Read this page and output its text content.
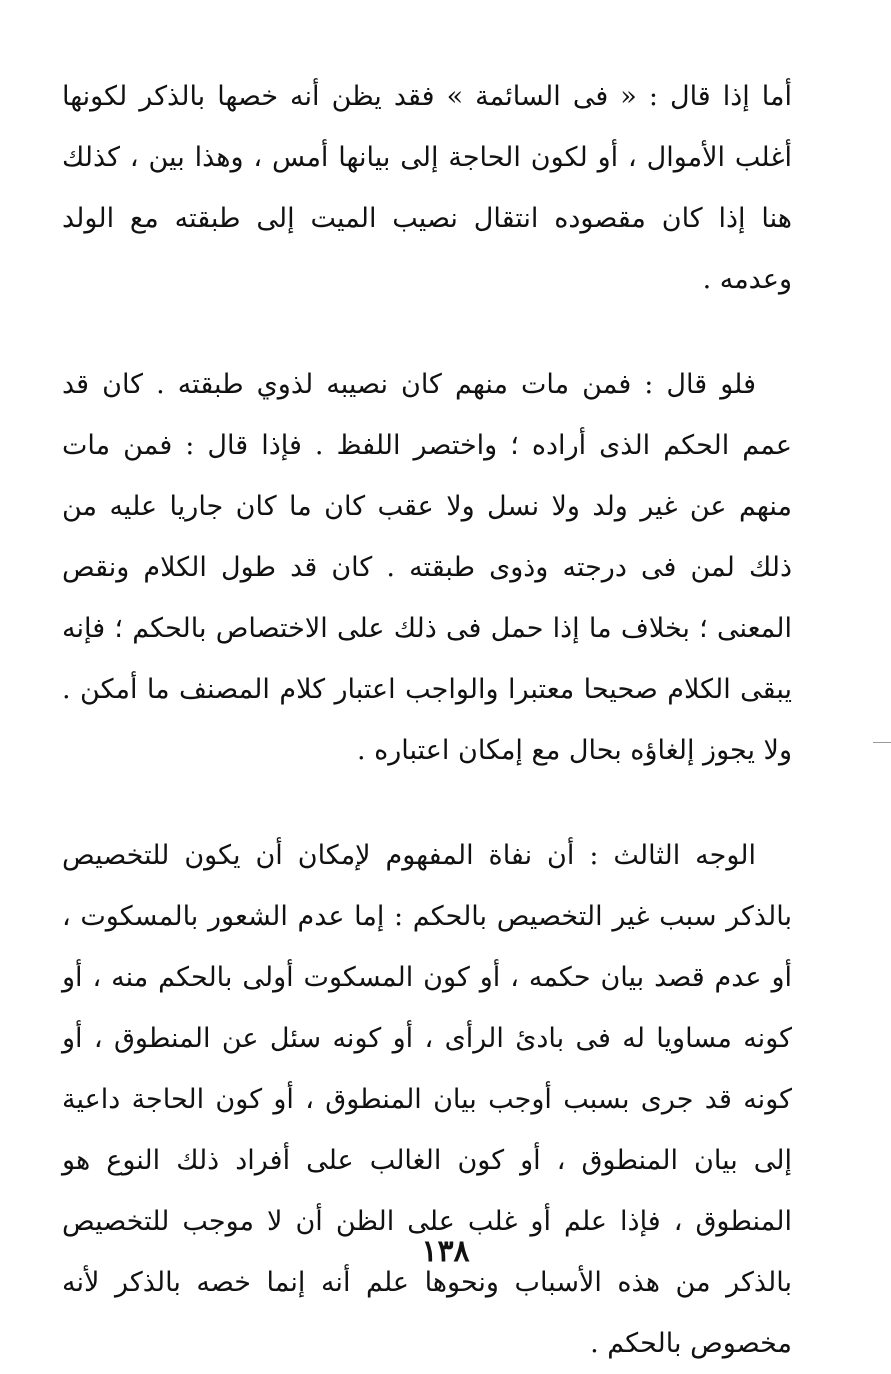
أما إذا قال : « فى السائمة » فقد يظن أنه خصها بالذكر لكونها أغلب الأموال ، أو لكون الحاجة إلى بيانها أمس ، وهذا بين ، كذلك هنا إذا كان مقصوده انتقال نصيب الميت إلى طبقته مع الولد وعدمه .

فلو قال : فمن مات منهم كان نصيبه لذوي طبقته . كان قد عمم الحكم الذى أراده ؛ واختصر اللفظ . فإذا قال : فمن مات منهم عن غير ولد ولا نسل ولا عقب كان ما كان جاريا عليه من ذلك لمن فى درجته وذوى طبقته . كان قد طول الكلام ونقص المعنى ؛ بخلاف ما إذا حمل فى ذلك على الاختصاص بالحكم ؛ فإنه يبقى الكلام صحيحا معتبرا والواجب اعتبار كلام المصنف ما أمكن . ولا يجوز إلغاؤه بحال مع إمكان اعتباره .

الوجه الثالث : أن نفاة المفهوم لإمكان أن يكون للتخصيص بالذكر سبب غير التخصيص بالحكم : إما عدم الشعور بالمسكوت ، أو عدم قصد بيان حكمه ، أو كون المسكوت أولى بالحكم منه ، أو كونه مساويا له فى بادئ الرأى ، أو كونه سئل عن المنطوق ، أو كونه قد جرى بسبب أوجب بيان المنطوق ، أو كون الحاجة داعية إلى بيان المنطوق ، أو كون الغالب على أفراد ذلك النوع هو المنطوق ، فإذا علم أو غلب على الظن أن لا موجب للتخصيص بالذكر من هذه الأسباب ونحوها علم أنه إنما خصه بالذكر لأنه مخصوص بالحكم .

١٣٨
